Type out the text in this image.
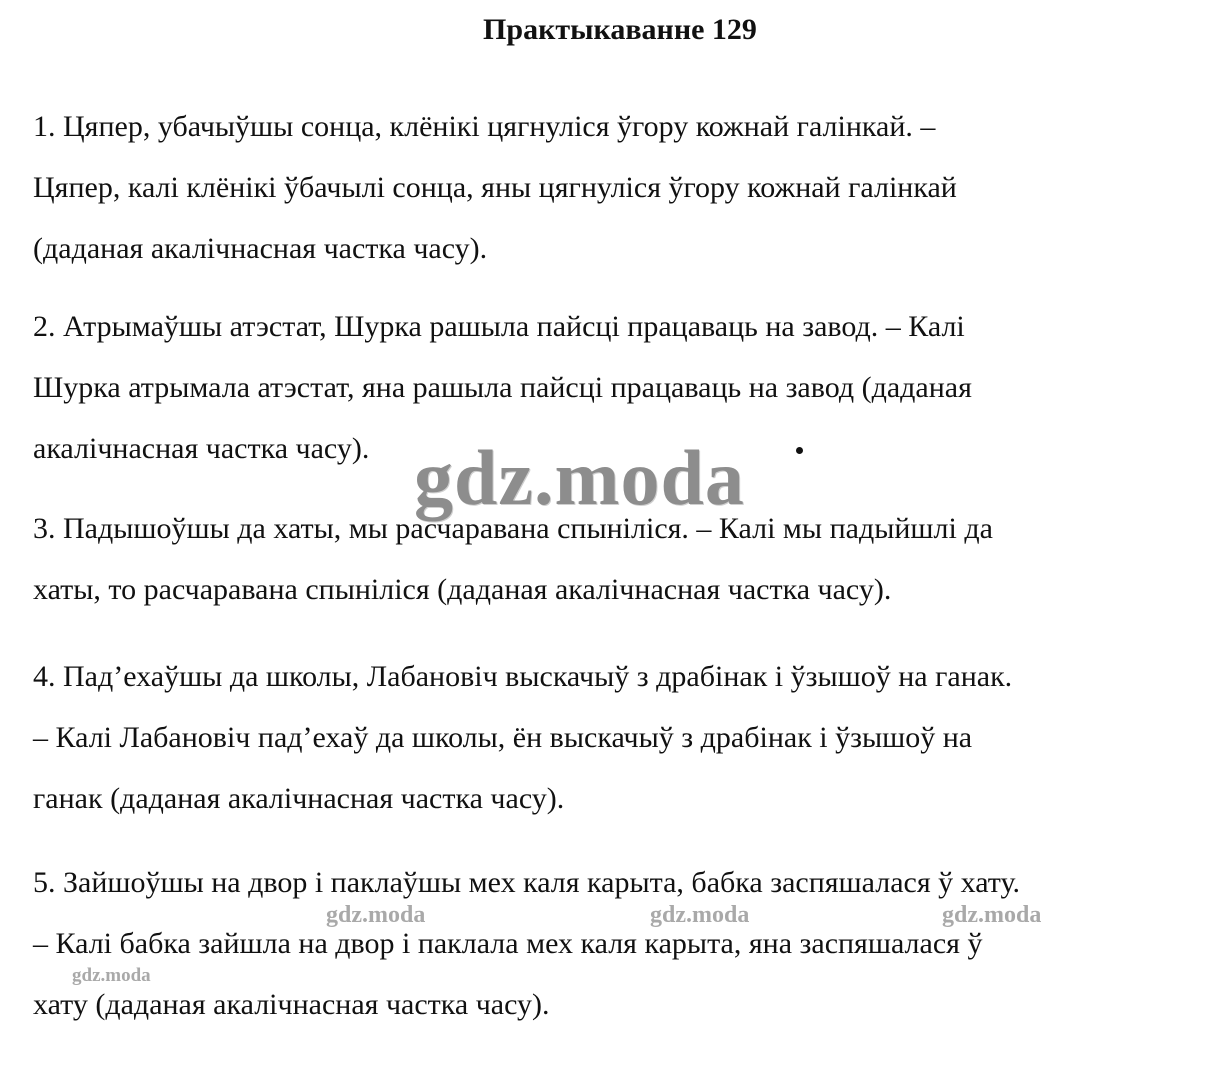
Практыкаванне 129

1. Цяпер, убачыўшы сонца, клёнікі цягнуліся ўгору кожнай галінкай. –
Цяпер, калі клёнікі ўбачылі сонца, яны цягнуліся ўгору кожнай галінкай
(даданая акалічнасная частка часу).

2. Атрымаўшы атэстат, Шурка рашыла пайсці працаваць на завод. – Калі
Шурка атрымала атэстат, яна рашыла пайсці працаваць на завод (даданая
акалічнасная частка часу).

3. Падышоўшы да хаты, мы расчаравана спыніліся. – Калі мы падыйшлі да
хаты, то расчаравана спыніліся (даданая акалічнасная частка часу).

4. Пад’ехаўшы да школы, Лабановіч выскачыў з драбінак і ўзышоў на ганак.
– Калі Лабановіч пад’ехаў да школы, ён выскачыў з драбінак і ўзышоў на
ганак (даданая акалічнасная частка часу).

5. Зайшоўшы на двор і паклаўшы мех каля карыта, бабка заспяшалася ў хату.
– Калі бабка зайшла на двор і паклала мех каля карыта, яна заспяшалася ў
хату (даданая акалічнасная частка часу).

gdz.moda
gdz.moda	gdz.moda	gdz.moda
gdz.moda
